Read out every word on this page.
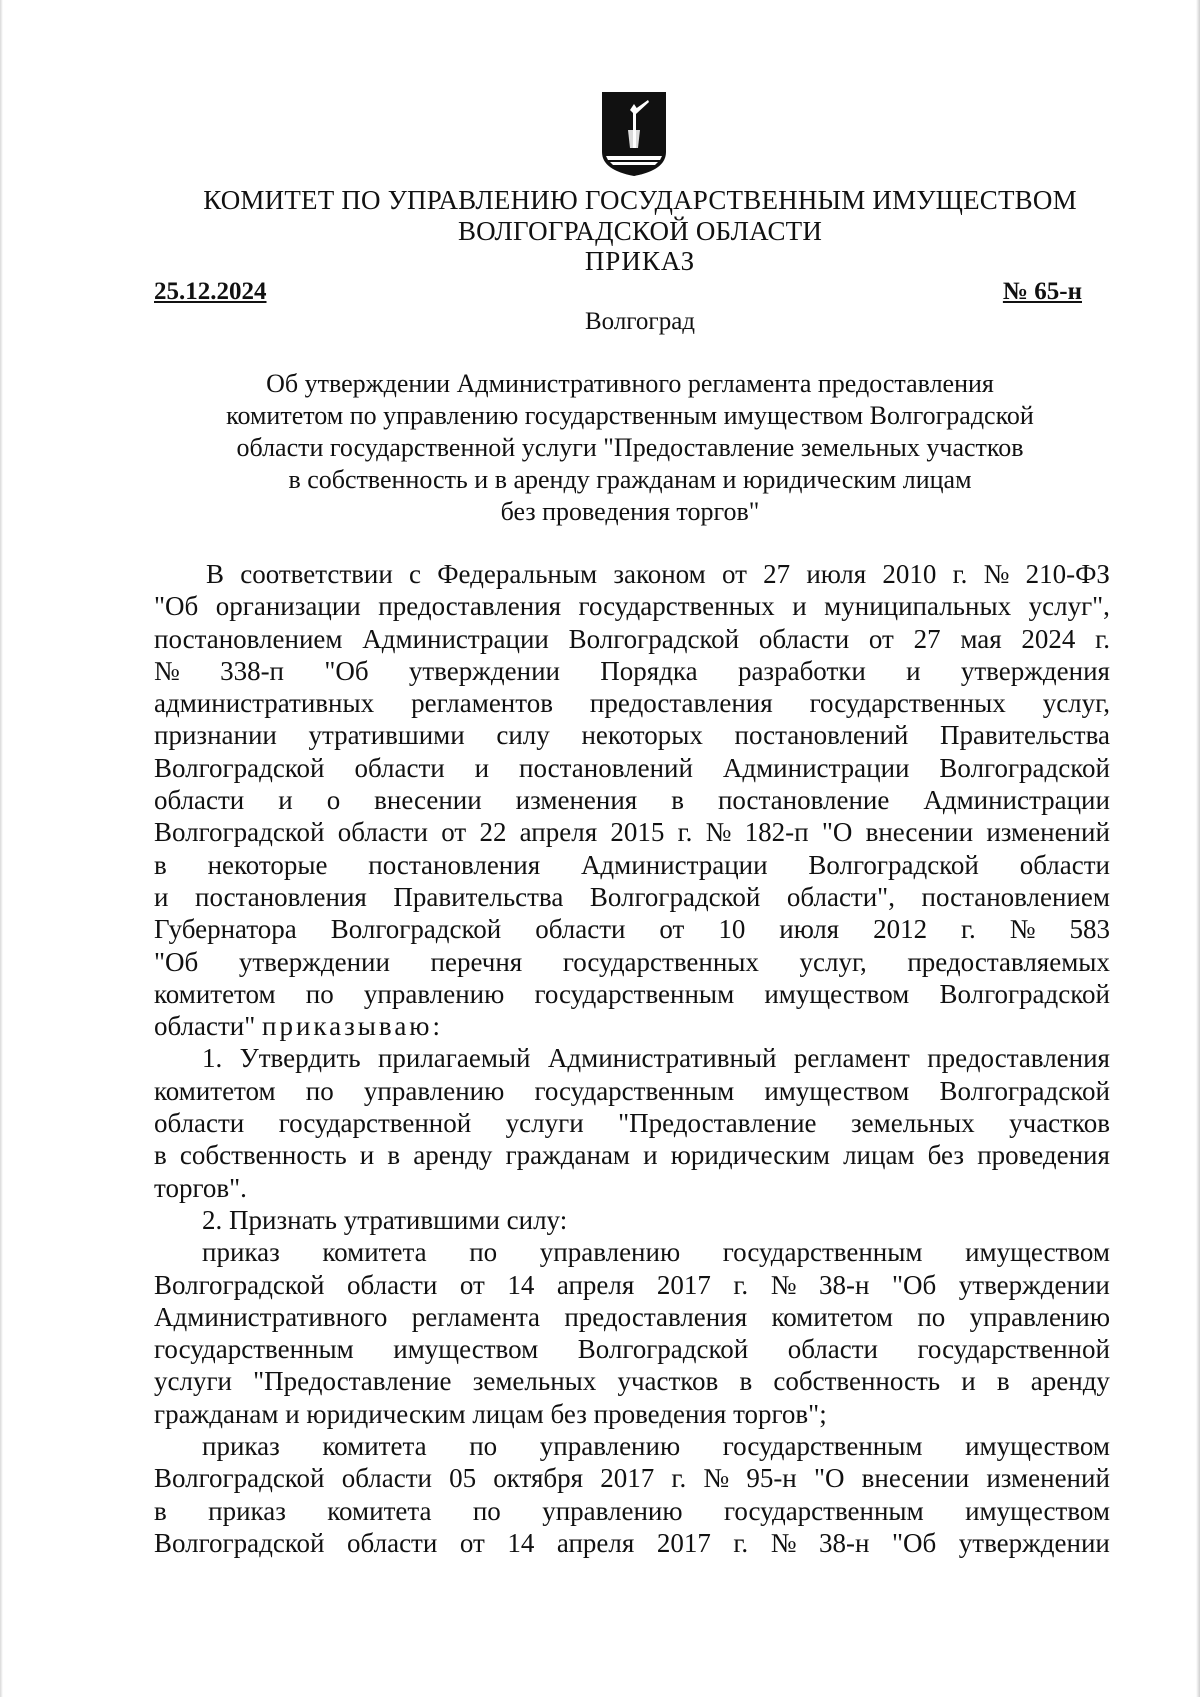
КОМИТЕТ ПО УПРАВЛЕНИЮ ГОСУДАРСТВЕННЫМ ИМУЩЕСТВОМ
ВОЛГОГРАДСКОЙ ОБЛАСТИ
ПРИКАЗ
25.12.2024	№ 65-н
Волгоград
Об утверждении Административного регламента предоставления
комитетом по управлению государственным имуществом Волгоградской
области государственной услуги "Предоставление земельных участков
в собственность и в аренду гражданам и юридическим лицам
без проведения торгов"
В соответствии с Федеральным законом от 27 июля 2010 г. № 210-ФЗ
"Об организации предоставления государственных и муниципальных услуг",
постановлением Администрации Волгоградской области от 27 мая 2024 г.
№ 338-п "Об утверждении Порядка разработки и утверждения
административных регламентов предоставления государственных услуг,
признании утратившими силу некоторых постановлений Правительства
Волгоградской области и постановлений Администрации Волгоградской
области и о внесении изменения в постановление Администрации
Волгоградской области от 22 апреля 2015 г. № 182-п "О внесении изменений
в некоторые постановления Администрации Волгоградской области
и постановления Правительства Волгоградской области", постановлением
Губернатора Волгоградской области от 10 июля 2012 г. № 583
"Об утверждении перечня государственных услуг, предоставляемых
комитетом по управлению государственным имуществом Волгоградской
области" приказываю:
1. Утвердить прилагаемый Административный регламент предоставления
комитетом по управлению государственным имуществом Волгоградской
области государственной услуги "Предоставление земельных участков
в собственность и в аренду гражданам и юридическим лицам без проведения
торгов".
2. Признать утратившими силу:
приказ комитета по управлению государственным имуществом
Волгоградской области от 14 апреля 2017 г. № 38-н "Об утверждении
Административного регламента предоставления комитетом по управлению
государственным имуществом Волгоградской области государственной
услуги "Предоставление земельных участков в собственность и в аренду
гражданам и юридическим лицам без проведения торгов";
приказ комитета по управлению государственным имуществом
Волгоградской области 05 октября 2017 г. № 95-н "О внесении изменений
в приказ комитета по управлению государственным имуществом
Волгоградской области от 14 апреля 2017 г. № 38-н "Об утверждении
